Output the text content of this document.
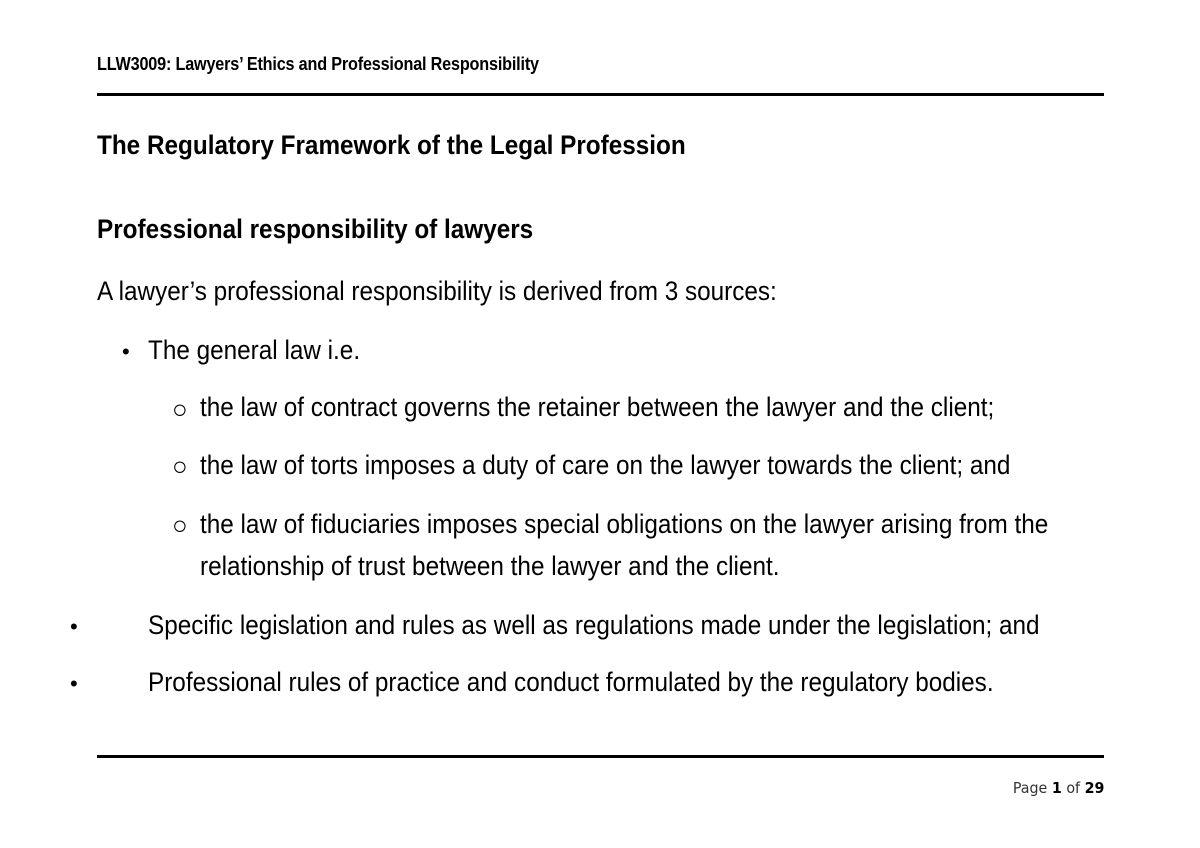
LLW3009: Lawyers’ Ethics and Professional Responsibility
The Regulatory Framework of the Legal Profession
Professional responsibility of lawyers
A lawyer’s professional responsibility is derived from 3 sources:
• The general law i.e.
○ the law of contract governs the retainer between the lawyer and the client;
○ the law of torts imposes a duty of care on the lawyer towards the client; and
○ the law of fiduciaries imposes special obligations on the lawyer arising from the
relationship of trust between the lawyer and the client.
•	Specific legislation and rules as well as regulations made under the legislation; and
•	Professional rules of practice and conduct formulated by the regulatory bodies.
Page 1 of 29
